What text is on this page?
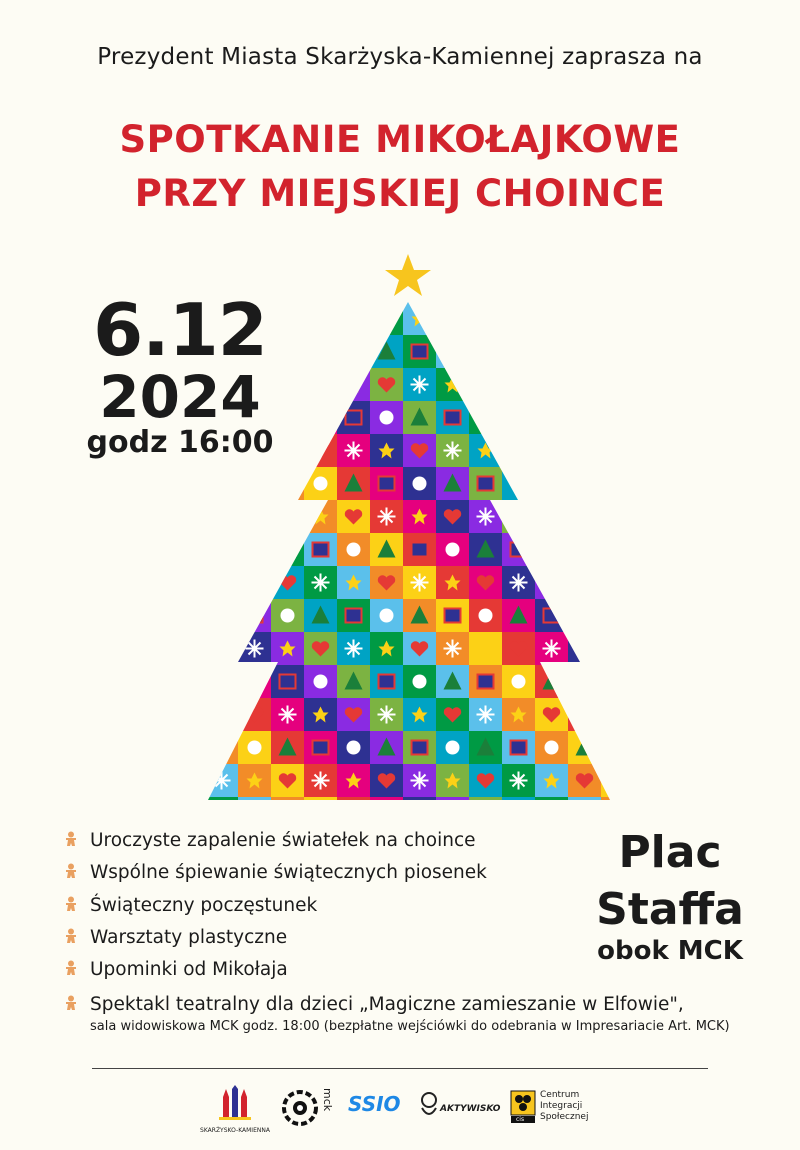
Prezydent Miasta Skarżyska-Kamiennej zaprasza na
SPOTKANIE MIKOŁAJKOWE
PRZY MIEJSKIEJ CHOINCE
6.12
2024
godz 16:00
Uroczyste zapalenie światełek na choince
Wspólne śpiewanie świątecznych piosenek
Świąteczny poczęstunek
Warsztaty plastyczne
Upominki od Mikołaja
Spektakl teatralny dla dzieci „Magiczne zamieszanie w Elfowie",
sala widowiskowa MCK godz. 18:00 (bezpłatne wejściówki do odebrania w Impresariacie Art. MCK)
Plac
Staffa
obok MCK
SKARŻYSKO-KAMIENNA
mck SSIO	AKTYWISKO
cis
Centrum
Integracji
Społecznej
